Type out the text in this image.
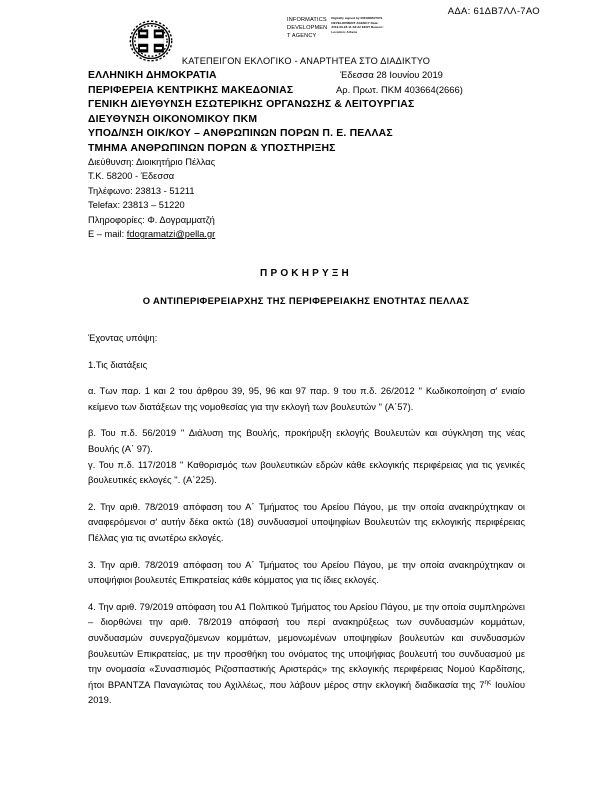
ΑΔΑ: 61ΔΒ7ΛΛ-7ΑΟ
INFORMATICS
DEVELOPMEN
T AGENCY
Digitally signed by INFORMATICS DEVELOPMENT AGENCY Date: 2019.06.28 11:33:22 EEST Reason: Location: Athens
ΚΑΤΕΠΕΙΓΟΝ ΕΚΛΟΓΙΚΟ - ΑΝΑΡΤΗΤΕΑ ΣΤΟ ΔΙΑΔΙΚΤΥΟ
ΕΛΛΗΝΙΚΗ ΔΗΜΟΚΡΑΤΙΑ
ΠΕΡΙΦΕΡΕΙΑ ΚΕΝΤΡΙΚΗΣ ΜΑΚΕΔΟΝΙΑΣ
ΓΕΝΙΚΗ ΔΙΕΥΘΥΝΣΗ ΕΣΩΤΕΡΙΚΗΣ ΟΡΓΑΝΩΣΗΣ & ΛΕΙΤΟΥΡΓΙΑΣ
ΔΙΕΥΘΥΝΣΗ ΟΙΚΟΝΟΜΙΚΟΥ ΠΚΜ
ΥΠΟΔ/ΝΣΗ ΟΙΚ/ΚΟΥ – ΑΝΘΡΩΠΙΝΩΝ ΠΟΡΩΝ Π. Ε. ΠΕΛΛΑΣ
ΤΜΗΜΑ ΑΝΘΡΩΠΙΝΩΝ ΠΟΡΩΝ & ΥΠΟΣΤΗΡΙΞΗΣ
Έδεσσα 28 Ιουνίου 2019
Αρ. Πρωτ. ΠΚΜ 403664(2666)
Διεύθυνση: Διοικητήριο Πέλλας
Τ.Κ. 58200 - Έδεσσα
Τηλέφωνο: 23813 - 51211
Telefax: 23813 – 51220
Πληροφορίες: Φ. Δογραμματζή
E – mail: fdogramatzi@pella.gr
ΠΡΟΚΗΡΥΞΗ
Ο ΑΝΤΙΠΕΡΙΦΕΡΕΙΑΡΧΗΣ ΤΗΣ ΠΕΡΙΦΕΡΕΙΑΚΗΣ ΕΝΟΤΗΤΑΣ ΠΕΛΛΑΣ

Έχοντας υπόψη:

1.Τις διατάξεις

α. Των παρ. 1 και 2 του άρθρου 39, 95, 96 και 97 παρ. 9 του π.δ. 26/2012 '' Κωδικοποίηση σ' ενιαίο κείμενο των διατάξεων της νομοθεσίας για την εκλογή των βουλευτών '' (Α΄57).

β. Του π.δ. 56/2019 '' Διάλυση της Βουλής, προκήρυξη εκλογής Βουλευτών και σύγκληση της νέας Βουλής (Α΄ 97).

γ. Του π.δ. 117/2018 '' Καθορισμός των βουλευτικών εδρών κάθε εκλογικής περιφέρειας για τις γενικές βουλευτικές εκλογές ''. (Α΄225).

2. Την αριθ. 78/2019 απόφαση του Α΄ Τμήματος του Αρείου Πάγου, με την οποία ανακηρύχτηκαν οι αναφερόμενοι σ' αυτήν δέκα οκτώ (18) συνδυασμοί υποψηφίων Βουλευτών της εκλογικής περιφέρειας Πέλλας για τις ανωτέρω εκλογές.

3. Την αριθ. 78/2019 απόφαση του Α΄ Τμήματος του Αρείου Πάγου, με την οποία ανακηρύχτηκαν οι υποψήφιοι βουλευτές Επικρατείας κάθε κόμματος για τις ίδιες εκλογές.

4. Την αριθ. 79/2019 απόφαση του Α1 Πολιτικού Τμήματος του Αρείου Πάγου, με την οποία συμπληρώνει – διορθώνει την αριθ. 78/2019 απόφασή του περί ανακηρύξεως των συνδυασμών κομμάτων, συνδυασμών συνεργαζόμενων κομμάτων, μεμονωμένων υποψηφίων βουλευτών και συνδυασμών βουλευτών Επικρατείας, με την προσθήκη του ονόματος της υποψήφιας βουλευτή του συνδυασμού με την ονομασία «Συνασπισμός Ριζοσπαστικής Αριστεράς» της εκλογικής περιφέρειας Νομού Καρδίτσης, ήτοι ΒΡΑΝΤΖΑ Παναγιώτας του Αχιλλέως, που λάβουν μέρος στην εκλογική διαδικασία της $7^{\eta\varsigma}$ Ιουλίου 2019.
